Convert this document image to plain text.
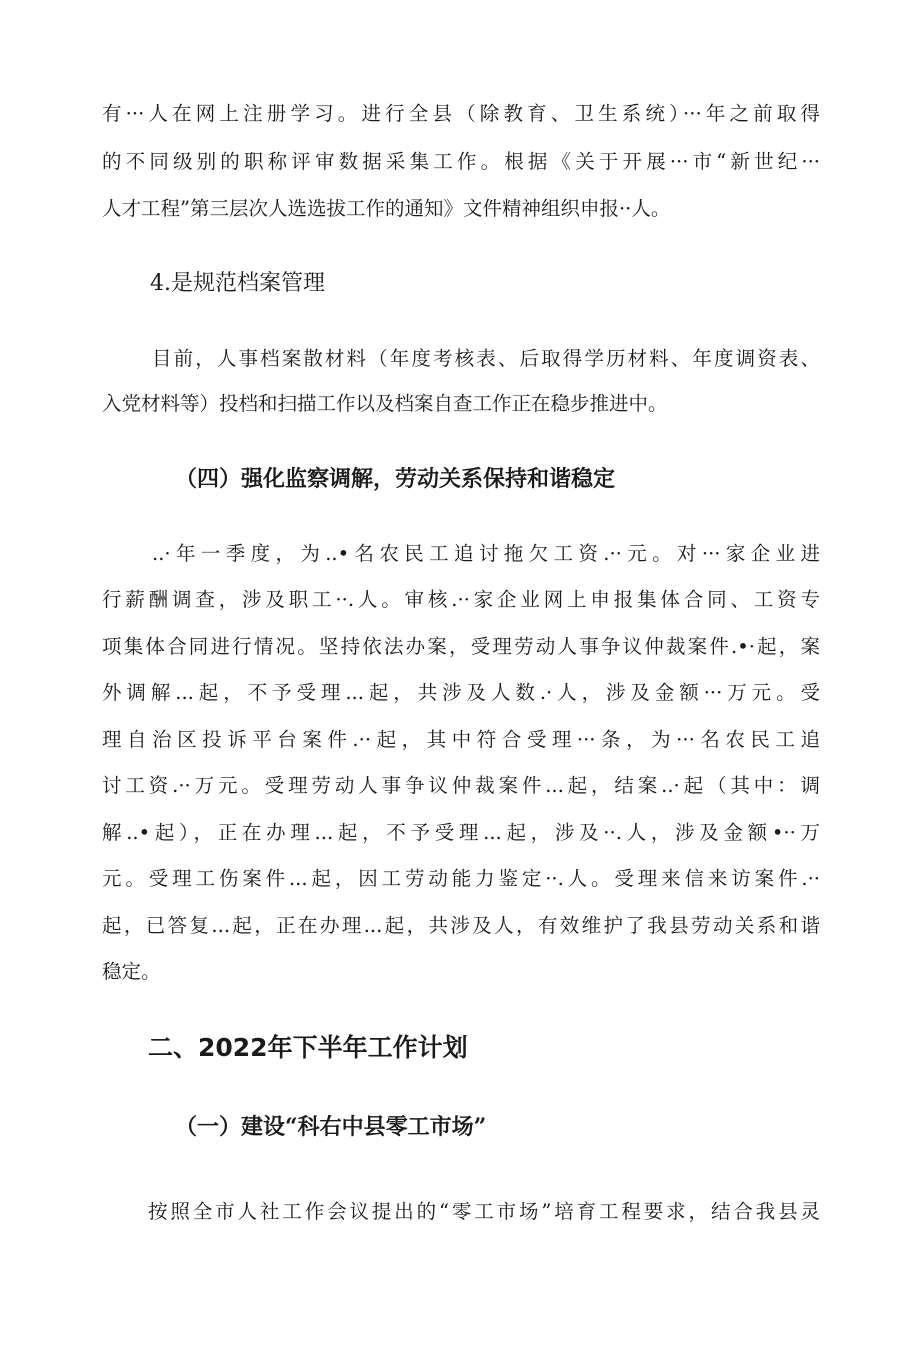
有···人在网上注册学习。进行全县（除教育、卫生系统）···年之前取得
的不同级别的职称评审数据采集工作。根据《关于开展···市“新世纪···
人才工程”第三层次人选选拔工作的通知》文件精神组织申报··人。
4.是规范档案管理
目前，人事档案散材料（年度考核表、后取得学历材料、年度调资表、
入党材料等）投档和扫描工作以及档案自查工作正在稳步推进中。
（四）强化监察调解，劳动关系保持和谐稳定
..·年一季度，为..•名农民工追讨拖欠工资.··元。对···家企业进
行薪酬调查，涉及职工··.人。审核.··家企业网上申报集体合同、工资专
项集体合同进行情况。坚持依法办案，受理劳动人事争议仲裁案件.•·起，案
外调解...起，不予受理...起，共涉及人数.·人，涉及金额···万元。受
理自治区投诉平台案件.··起，其中符合受理···条，为···名农民工追
讨工资.··万元。受理劳动人事争议仲裁案件...起，结案..·起（其中：调
解..•起），正在办理...起，不予受理...起，涉及··.人，涉及金额•··万
元。受理工伤案件...起，因工劳动能力鉴定··.人。受理来信来访案件.··
起，已答复...起，正在办理...起，共涉及人，有效维护了我县劳动关系和谐
稳定。
二、2022年下半年工作计划
（一）建设“科右中县零工市场”
按照全市人社工作会议提出的“零工市场”培育工程要求，结合我县灵
